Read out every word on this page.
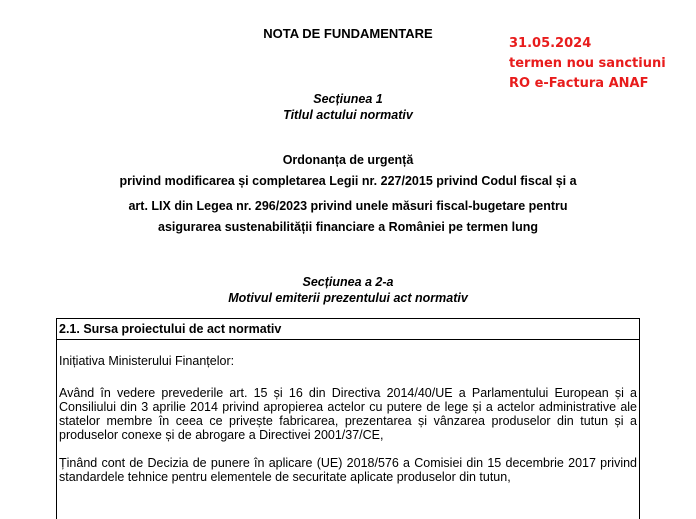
NOTA DE FUNDAMENTARE
31.05.2024
termen nou sanctiuni
RO e-Factura ANAF
Secțiunea 1
Titlul actului normativ
Ordonanța de urgență
privind modificarea și completarea Legii nr. 227/2015 privind Codul fiscal și a
art. LIX din Legea nr. 296/2023 privind unele măsuri fiscal-bugetare pentru
asigurarea sustenabilității financiare a României pe termen lung
Secțiunea a 2-a
Motivul emiterii prezentului act normativ
2.1. Sursa proiectului de act normativ

Inițiativa Ministerului Finanțelor:

Având în vedere prevederile art. 15 și 16 din Directiva 2014/40/UE a Parlamentului European și a Consiliului din 3 aprilie 2014 privind apropierea actelor cu putere de lege și a actelor administrative ale statelor membre în ceea ce privește fabricarea, prezentarea și vânzarea produselor din tutun și a produselor conexe și de abrogare a Directivei 2001/37/CE,

Ținând cont de Decizia de punere în aplicare (UE) 2018/576 a Comisiei din 15 decembrie 2017 privind standardele tehnice pentru elementele de securitate aplicate produselor din tutun,
